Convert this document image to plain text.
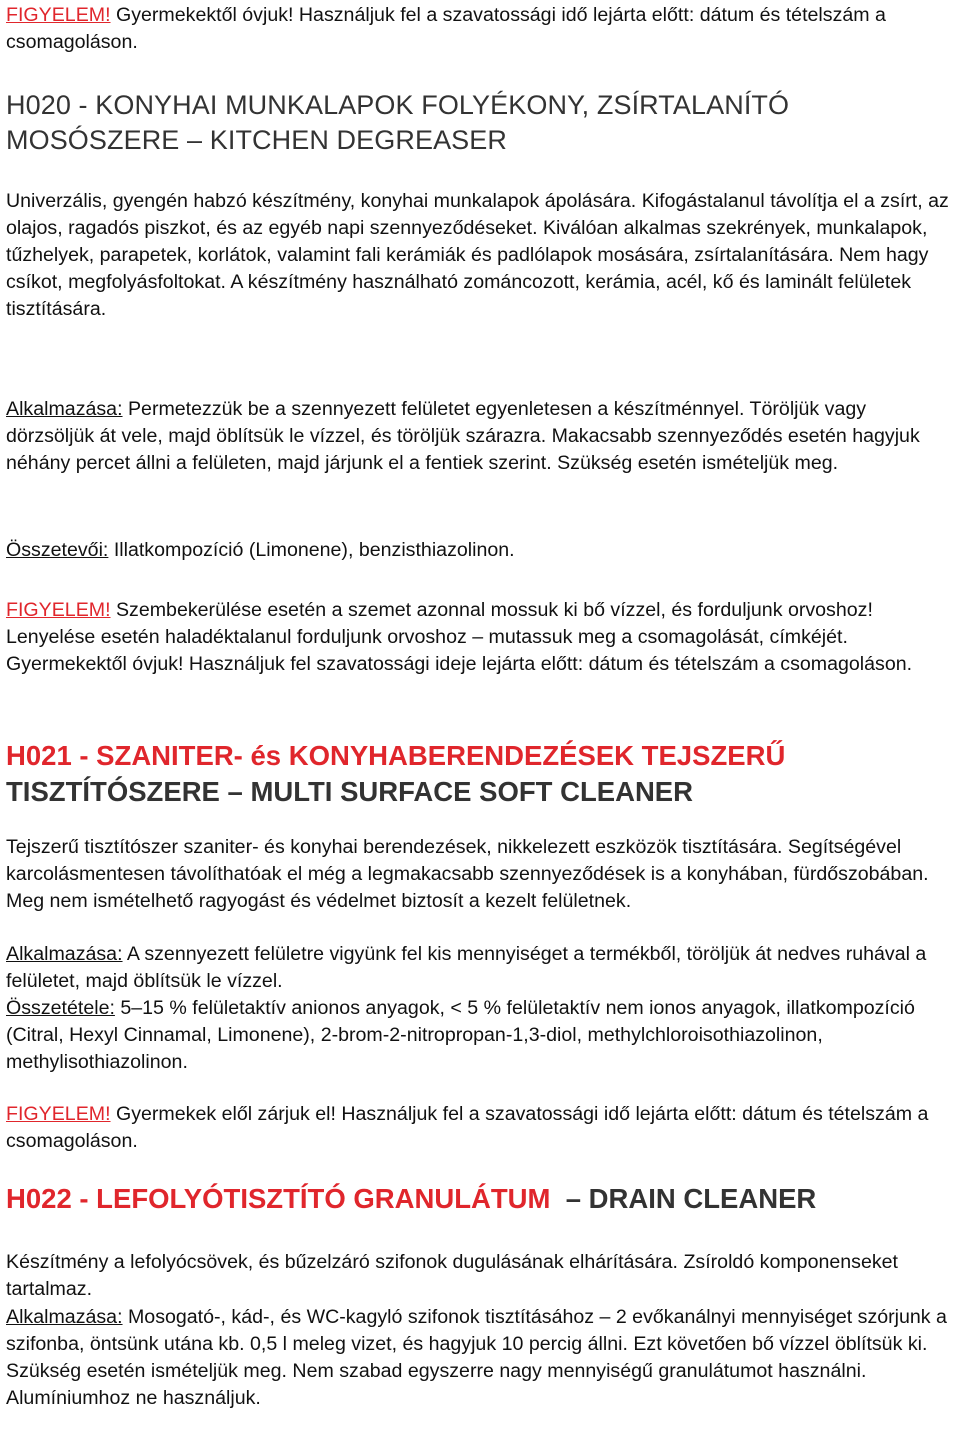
FIGYELEM! Gyermekektől óvjuk! Használjuk fel a szavatossági idő lejárta előtt: dátum és tételszám a csomagoláson.

H020 - KONYHAI MUNKALAPOK FOLYÉKONY, ZSÍRTALANÍTÓ MOSÓSZERE – KITCHEN DEGREASER

Univerzális, gyengén habzó készítmény, konyhai munkalapok ápolására. Kifogástalanul távolítja el a zsírt, az olajos, ragadós piszkot, és az egyéb napi szennyeződéseket. Kiválóan alkalmas szekrények, munkalapok, tűzhelyek, parapetek, korlátok, valamint fali kerámiák és padlólapok mosására, zsírtalanítására. Nem hagy csíkot, megfolyásfoltokat. A készítmény használható zománcozott, kerámia, acél, kő és laminált felületek tisztítására.

Alkalmazása: Permetezzük be a szennyezett felületet egyenletesen a készítménnyel. Töröljük vagy dörzsöljük át vele, majd öblítsük le vízzel, és töröljük szárazra. Makacsabb szennyeződés esetén hagyjuk néhány percet állni a felületen, majd járjunk el a fentiek szerint. Szükség esetén ismételjük meg.

Összetevői: Illatkompozíció (Limonene), benzisthiazolinon.

FIGYELEM! Szembekerülése esetén a szemet azonnal mossuk ki bő vízzel, és forduljunk orvoshoz! Lenyelése esetén haladéktalanul forduljunk orvoshoz – mutassuk meg a csomagolását, címkéjét. Gyermekektől óvjuk! Használjuk fel szavatossági ideje lejárta előtt: dátum és tételszám a csomagoláson.

H021 - SZANITER- és KONYHABERENDEZÉSEK TEJSZERŰ
TISZTÍTÓSZERE – MULTI SURFACE SOFT CLEANER

Tejszerű tisztítószer szaniter- és konyhai berendezések, nikkelezett eszközök tisztítására. Segítségével karcolásmentesen távolíthatóak el még a legmakacsabb szennyeződések is a konyhában, fürdőszobában. Meg nem ismételhető ragyogást és védelmet biztosít a kezelt felületnek.

Alkalmazása: A szennyezett felületre vigyünk fel kis mennyiséget a termékből, töröljük át nedves ruhával a felületet, majd öblítsük le vízzel.

Összetétele: 5–15 % felületaktív anionos anyagok, < 5 % felületaktív nem ionos anyagok, illatkompozíció (Citral, Hexyl Cinnamal, Limonene), 2-brom-2-nitropropan-1,3-diol, methylchloroisothiazolinon, methylisothiazolinon.

FIGYELEM! Gyermekek elől zárjuk el! Használjuk fel a szavatossági idő lejárta előtt: dátum és tételszám a csomagoláson.

H022 - LEFOLYÓTISZTÍTÓ GRANULÁTUM  – DRAIN CLEANER

Készítmény a lefolyócsövek, és bűzelzáró szifonok dugulásának elhárítására. Zsíroldó komponenseket tartalmaz.

Alkalmazása: Mosogató-, kád-, és WC-kagyló szifonok tisztításához – 2 evőkanálnyi mennyiséget szórjunk a szifonba, öntsünk utána kb. 0,5 l meleg vizet, és hagyjuk 10 percig állni. Ezt követően bő vízzel öblítsük ki. Szükség esetén ismételjük meg. Nem szabad egyszerre nagy mennyiségű granulátumot használni. Alumíniumhoz ne használjuk.
